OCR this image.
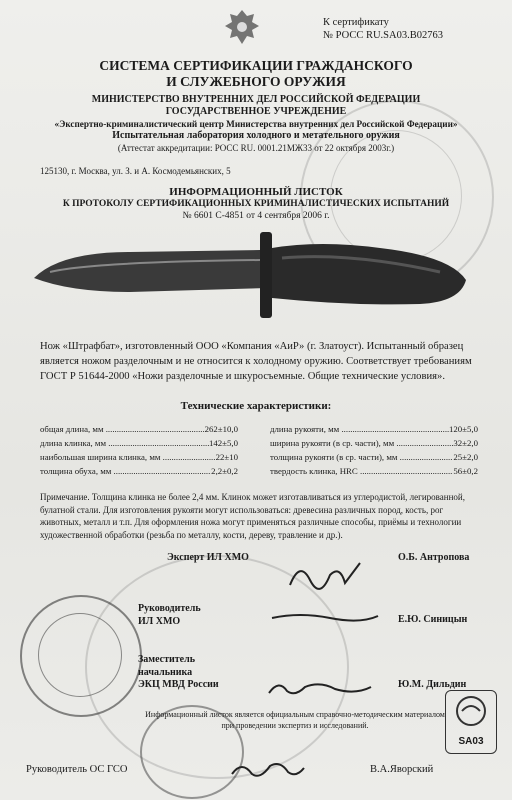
К сертификату
№ РОСС RU.SA03.B02763
СИСТЕМА СЕРТИФИКАЦИИ ГРАЖДАНСКОГО
И СЛУЖЕБНОГО ОРУЖИЯ
МИНИСТЕРСТВО ВНУТРЕННИХ ДЕЛ РОССИЙСКОЙ ФЕДЕРАЦИИ
ГОСУДАРСТВЕННОЕ УЧРЕЖДЕНИЕ
«Экспертно-криминалистический центр Министерства внутренних дел Российской Федерации»
Испытательная лаборатория холодного и метательного оружия
(Аттестат аккредитации: РОСС RU. 0001.21МЖ33 от 22 октября 2003г.)
125130, г. Москва, ул. З. и А. Космодемьянских, 5
ИНФОРМАЦИОННЫЙ ЛИСТОК
К ПРОТОКОЛУ СЕРТИФИКАЦИОННЫХ КРИМИНАЛИСТИЧЕСКИХ ИСПЫТАНИЙ
№ 6601 С-4851 от 4 сентября 2006 г.
Нож «Штрафбат», изготовленный ООО «Компания «АиР» (г. Златоуст). Испытанный образец является ножом разделочным и не относится к холодному оружию. Соответствует требованиям ГОСТ Р 51644-2000 «Ножи разделочные и шкуросъемные. Общие технические условия».
Технические характеристики:
общая длина, мм .....	262±10,0
длина клинка, мм .....	142±5,0
наибольшая ширина клинка, мм .....	22±10
толщина обуха, мм .....	2,2±0,2
длина рукояти, мм .....	120±5,0
ширина рукояти (в ср. части), мм .....	32±2,0
толщина рукояти (в ср. части), мм .....	25±2,0
твердость клинка, HRC .....	56±0,2
Примечание. Толщина клинка не более 2,4 мм. Клинок может изготавливаться из углеродистой, легированной, булатной стали. Для изготовления рукояти могут использоваться: древесина различных пород, кость, рог животных, металл и т.п. Для оформления ножа могут применяться различные способы, приёмы и технологии художественной обработки (резьба по металлу, кости, дереву, травление и др.).
Эксперт ИЛ ХМО	О.Б. Антропова
Руководитель
ИЛ ХМО	Е.Ю. Синицын
Заместитель
начальника
ЭКЦ МВД России	Ю.М. Дильдин
Информационный листок является официальным справочно-методическим материалом при проведении экспертиз и исследований.
SA03
Руководитель ОС ГСО	В.А.Яворский
